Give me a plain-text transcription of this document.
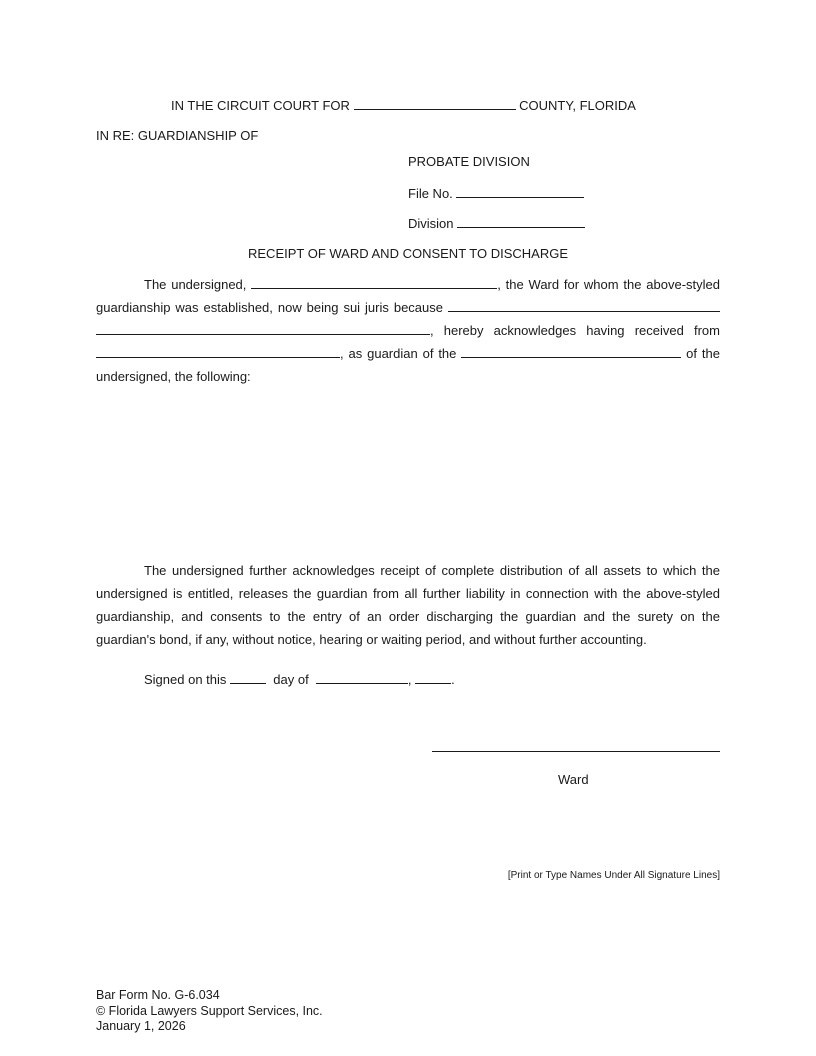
IN THE CIRCUIT COURT FOR	COUNTY, FLORIDA
IN RE: GUARDIANSHIP OF
PROBATE DIVISION
File No.
Division
RECEIPT OF WARD AND CONSENT TO DISCHARGE
The undersigned,	, the Ward for whom the above-styled guardianship was established, now being sui juris because  , hereby acknowledges having received from , as guardian of the	of the undersigned, the following:
The undersigned further acknowledges receipt of complete distribution of all assets to which the undersigned is entitled, releases the guardian from all further liability in connection with the above-styled guardianship, and consents to the entry of an order discharging the guardian and the surety on the guardian's bond, if any, without notice, hearing or waiting period, and without further accounting.
Signed on this	day of	,	.
Ward
[Print or Type Names Under All Signature Lines]
Bar Form No. G-6.034
© Florida Lawyers Support Services, Inc.
January 1, 2026
